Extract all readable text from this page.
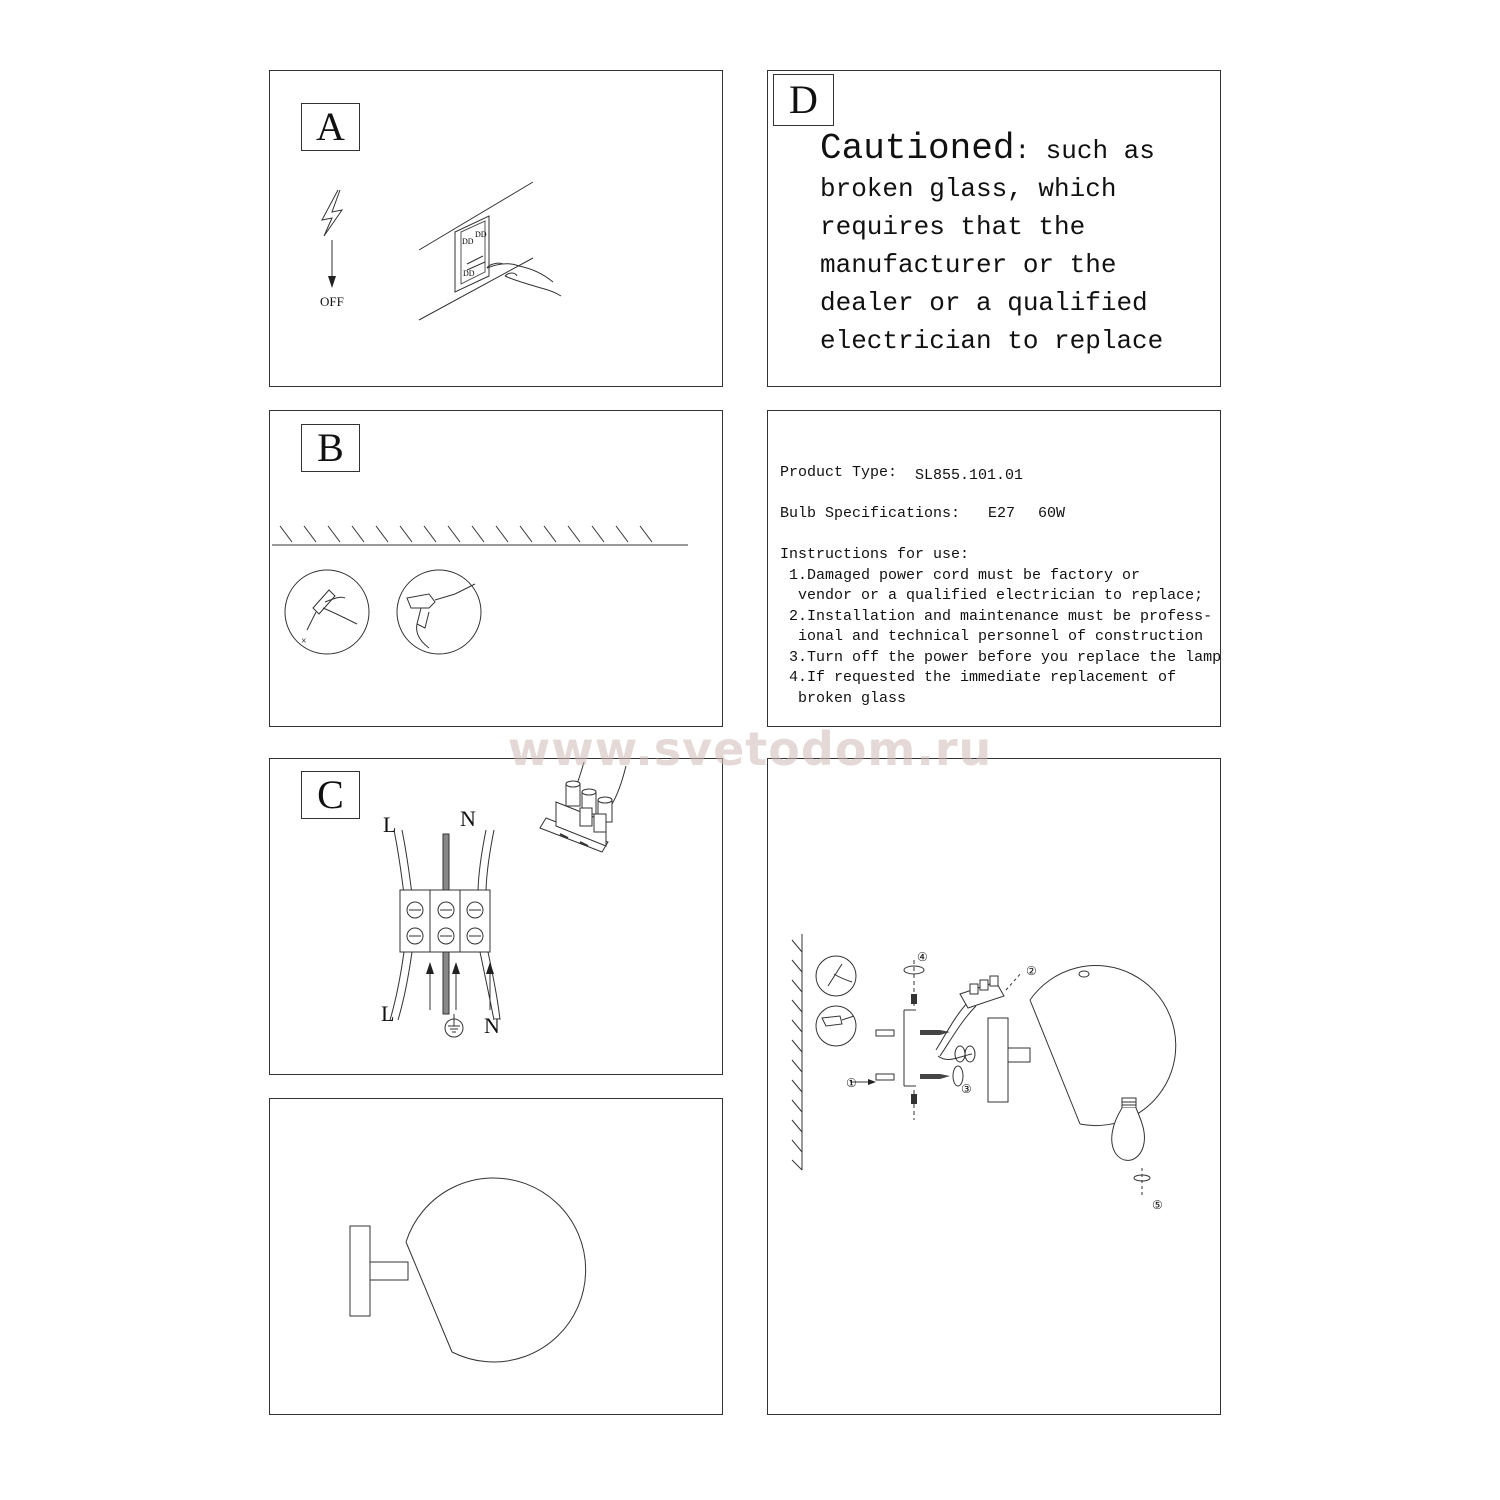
A
OFF
DD
DD
DD
D
Cautioned: such as
broken glass, which
requires that the
manufacturer or the
dealer or a qualified
electrician to replace
B
×
Product Type: SL855.101.01
Bulb Specifications: E27 60W
Instructions for use:
1.Damaged power cord must be factory or
vendor or a qualified electrician to replace;
2.Installation and maintenance must be profess-
ional and technical personnel of construction
3.Turn off the power before you replace the lamp
4.If requested the immediate replacement of
broken glass
C
L	N
L	N
④
②
①	③
⑤
www.svetodom.ru
